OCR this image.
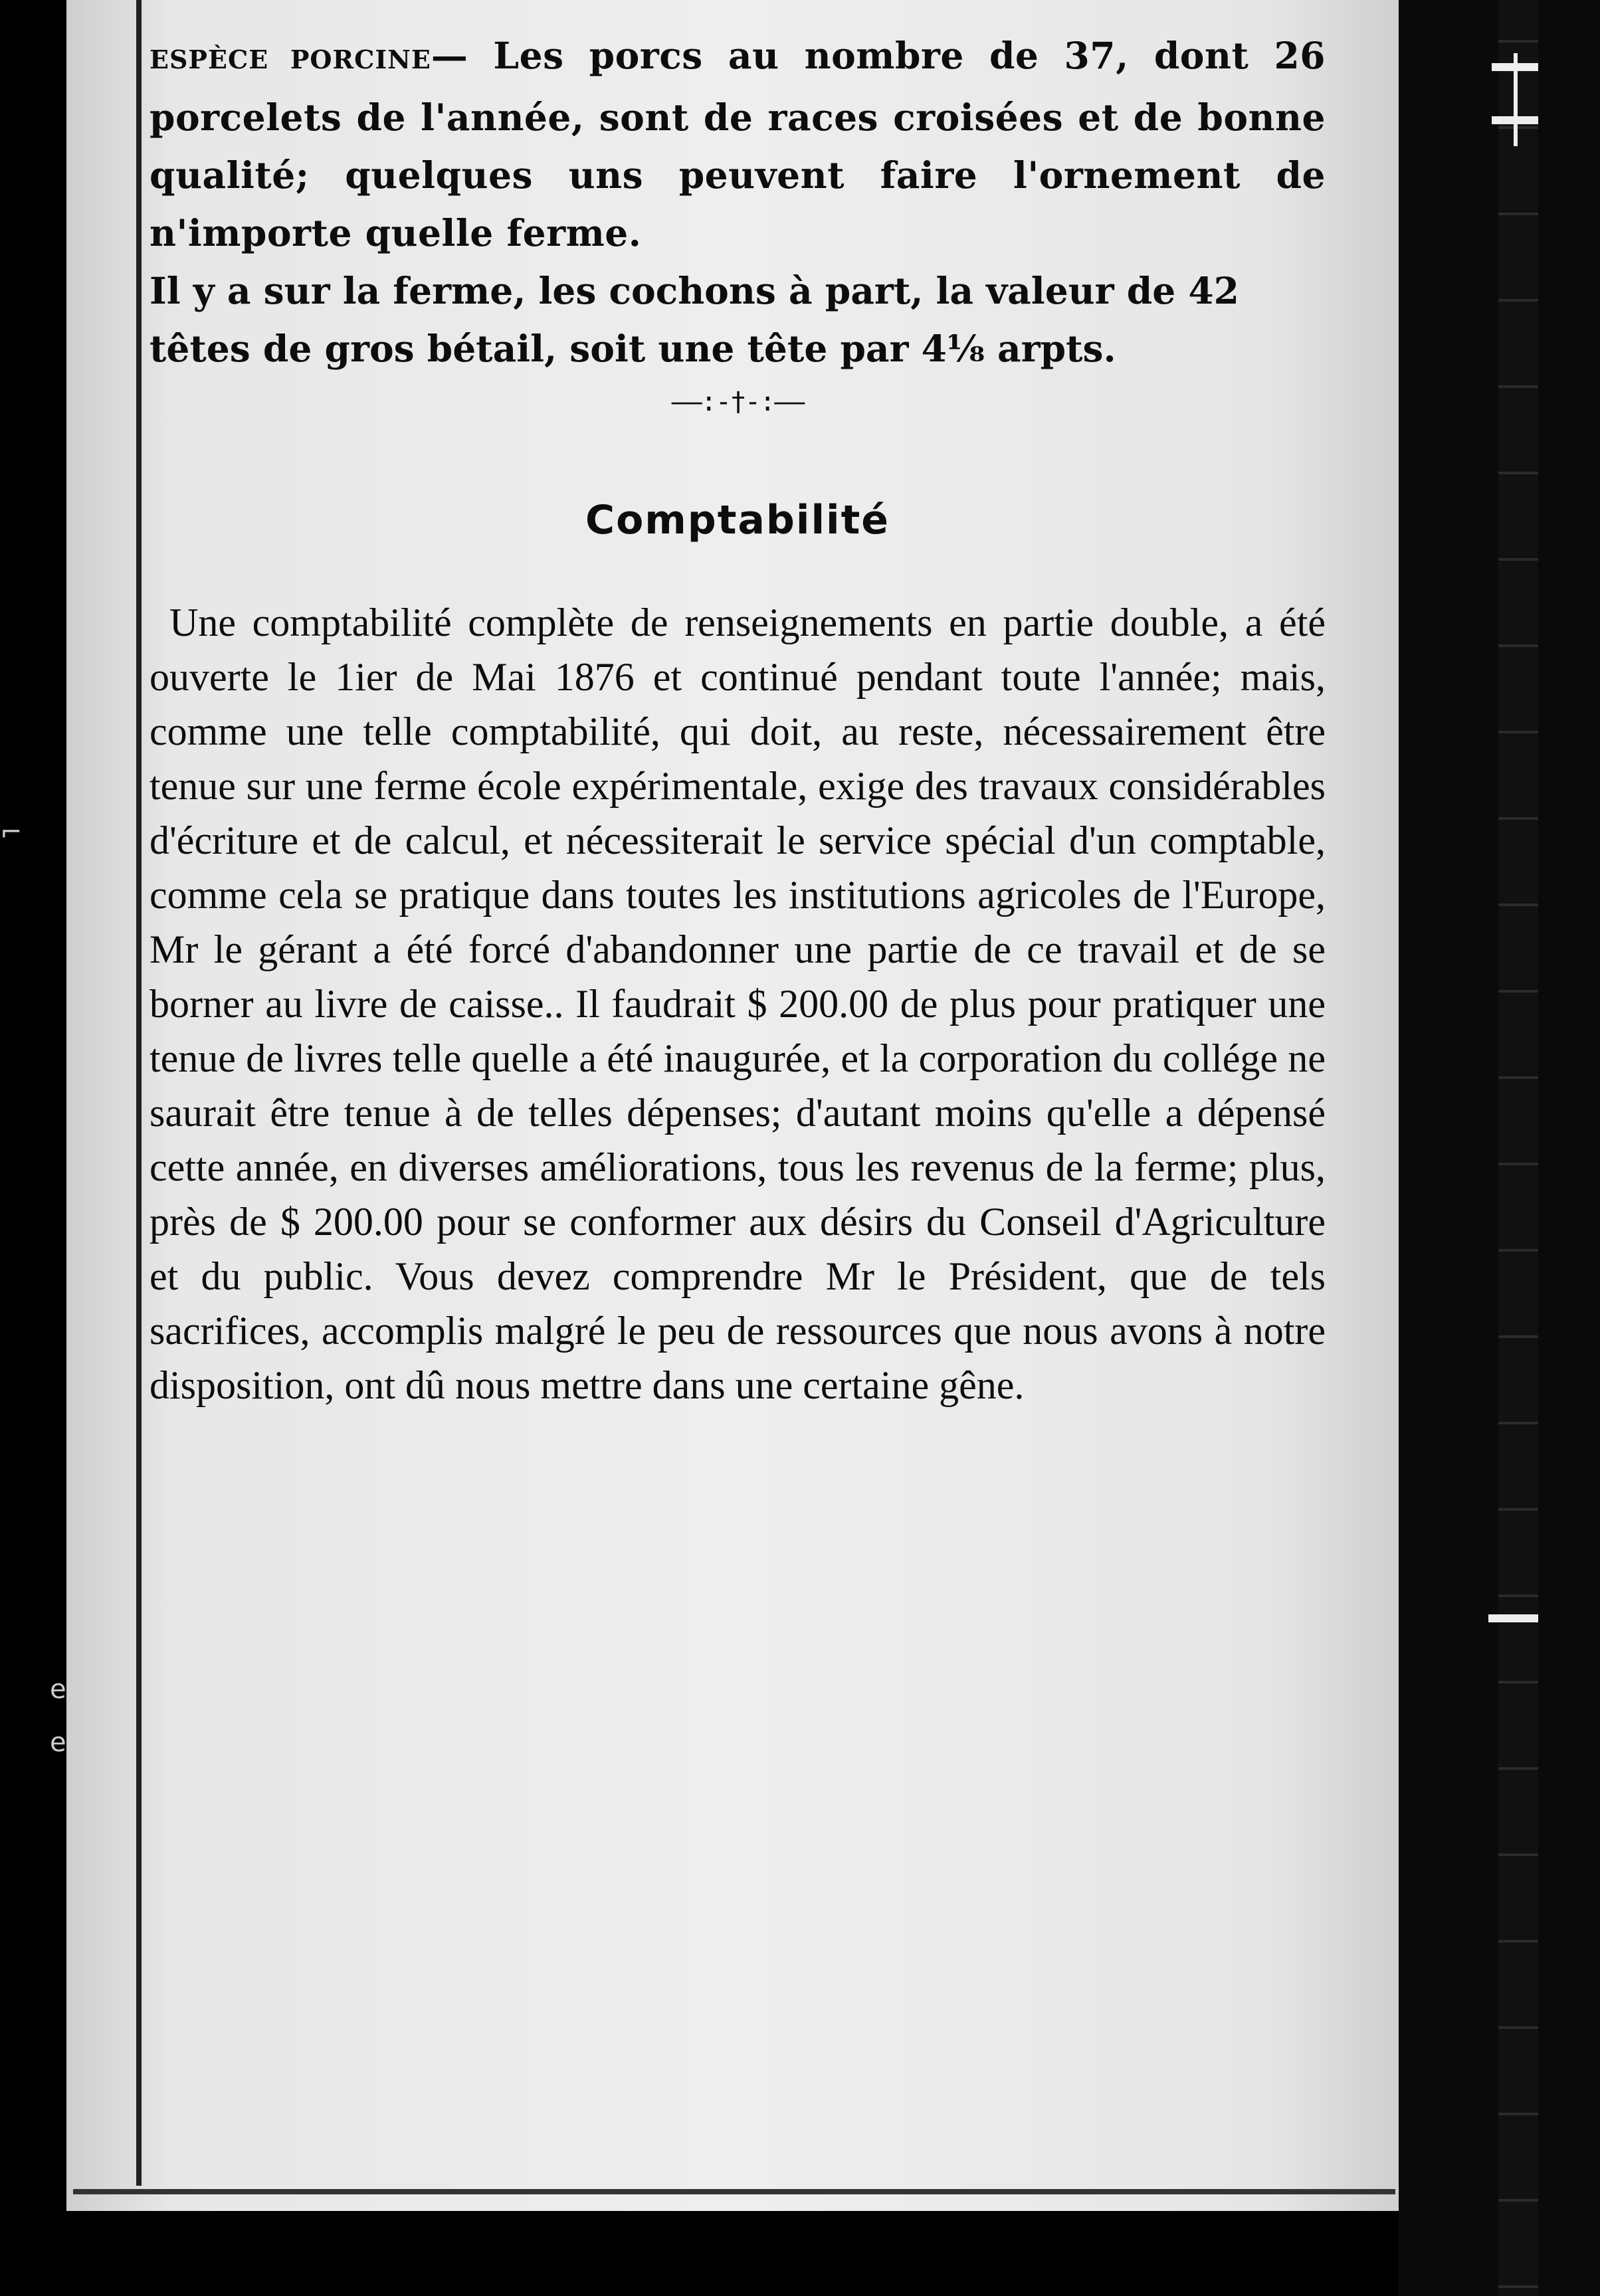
⌐
e
e

ESPÈCE PORCINE— Les porcs au nombre de 37, dont 26 porcelets de l'année, sont de races croisées et de bonne qualité; quelques uns peuvent faire l'ornement de n'importe quelle ferme.

Il y a sur la ferme, les cochons à part, la valeur de 42 têtes de gros bétail, soit une tête par 4⅛ arpts.

——:-†-:——
Comptabilité

Une comptabilité complète de renseignements en partie double, a été ouverte le 1ier de Mai 1876 et continué pendant toute l'année; mais, comme une telle comptabilité, qui doit, au reste, nécessairement être tenue sur une ferme école expérimentale, exige des travaux considérables d'écriture et de calcul, et nécessiterait le service spécial d'un comptable, comme cela se pratique dans toutes les institutions agricoles de l'Europe, Mr le gérant a été forcé d'abandonner une partie de ce travail et de se borner au livre de caisse.. Il faudrait $ 200.00 de plus pour pratiquer une tenue de livres telle quelle a été inaugurée, et la corporation du collége ne saurait être tenue à de telles dépenses; d'autant moins qu'elle a dépensé cette année, en diverses améliorations, tous les revenus de la ferme; plus, près de $ 200.00 pour se conformer aux désirs du Conseil d'Agriculture et du public. Vous devez comprendre Mr le Président, que de tels sacrifices, accomplis malgré le peu de ressources que nous avons à notre disposition, ont dû nous mettre dans une certaine gêne.
